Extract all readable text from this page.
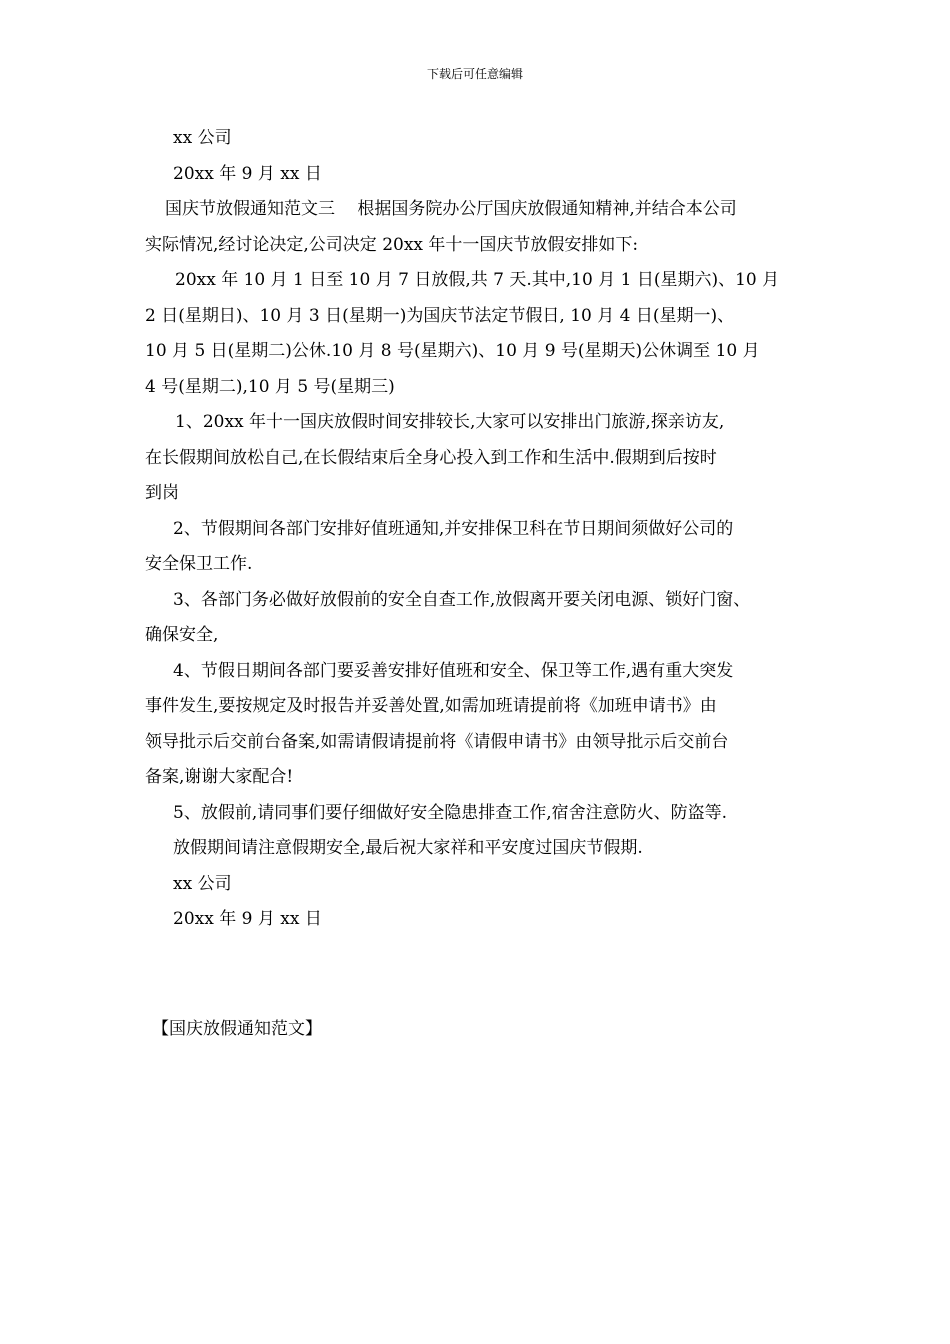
下载后可任意编辑

xx 公司

20xx 年 9 月 xx 日

国庆节放假通知范文三　 根据国务院办公厅国庆放假通知精神,并结合本公司

实际情况,经讨论决定,公司决定 20xx 年十一国庆节放假安排如下:

20xx 年 10 月 1 日至 10 月 7 日放假,共 7 天.其中,10 月 1 日(星期六)、10 月

2 日(星期日)、10 月 3 日(星期一)为国庆节法定节假日, 10 月 4 日(星期一)、

10 月 5 日(星期二)公休.10 月 8 号(星期六)、10 月 9 号(星期天)公休调至 10 月

4 号(星期二),10 月 5 号(星期三)

1、20xx 年十一国庆放假时间安排较长,大家可以安排出门旅游,探亲访友,

在长假期间放松自己,在长假结束后全身心投入到工作和生活中.假期到后按时

到岗

2、节假期间各部门安排好值班通知,并安排保卫科在节日期间须做好公司的

安全保卫工作.

3、各部门务必做好放假前的安全自查工作,放假离开要关闭电源、锁好门窗、

确保安全,

4、节假日期间各部门要妥善安排好值班和安全、保卫等工作,遇有重大突发

事件发生,要按规定及时报告并妥善处置,如需加班请提前将《加班申请书》由

领导批示后交前台备案,如需请假请提前将《请假申请书》由领导批示后交前台

备案,谢谢大家配合!

5、放假前,请同事们要仔细做好安全隐患排查工作,宿舍注意防火、防盗等.

放假期间请注意假期安全,最后祝大家祥和平安度过国庆节假期.

xx 公司

20xx 年 9 月 xx 日

【国庆放假通知范文】
